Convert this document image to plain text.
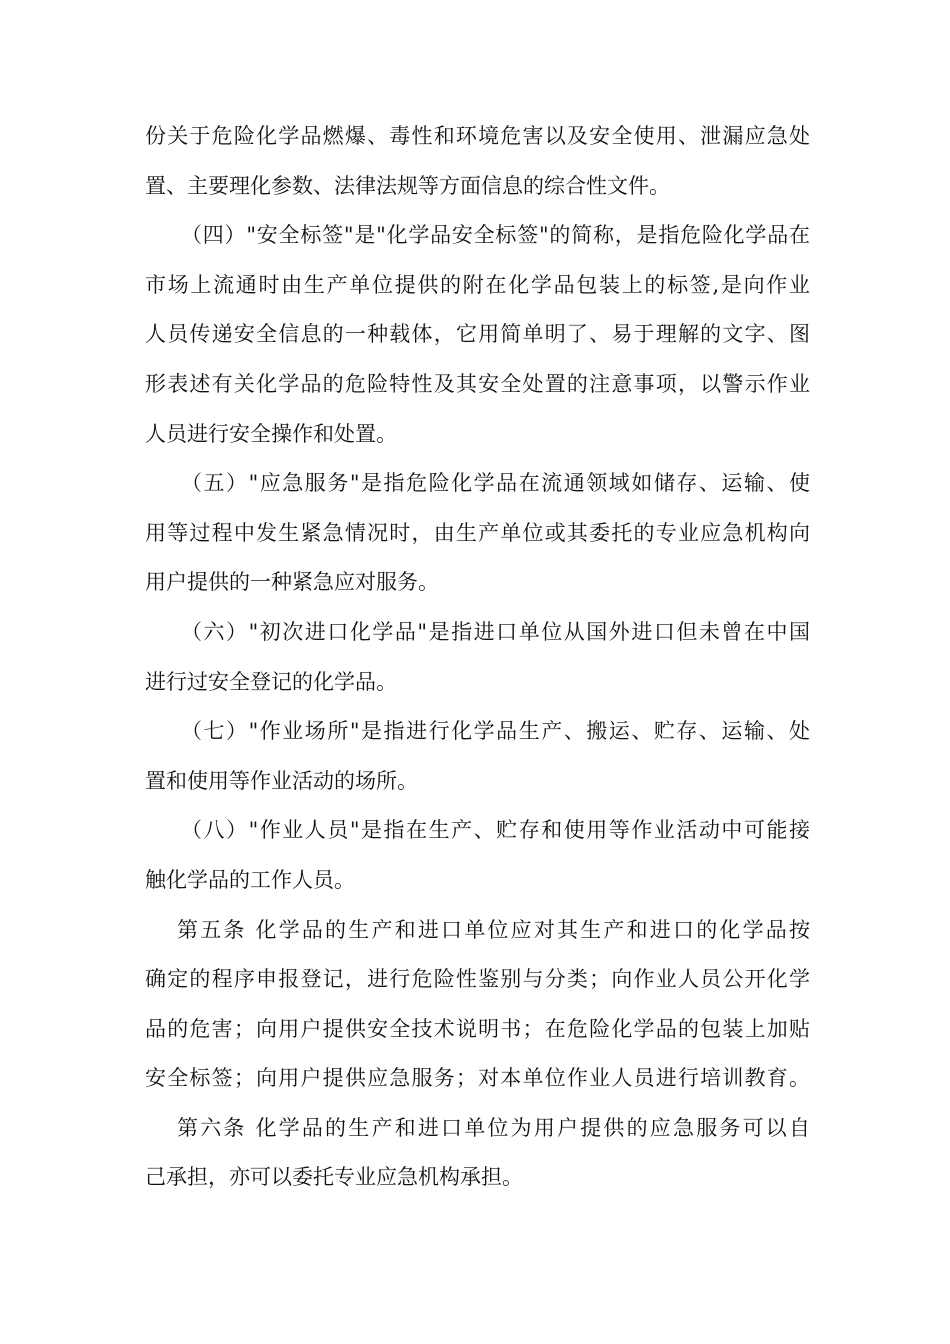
份关于危险化学品燃爆、毒性和环境危害以及安全使用、泄漏应急处
置、主要理化参数、法律法规等方面信息的综合性文件。
（四）"安全标签"是"化学品安全标签"的简称，是指危险化学品在
市场上流通时由生产单位提供的附在化学品包装上的标签,是向作业
人员传递安全信息的一种载体，它用简单明了、易于理解的文字、图
形表述有关化学品的危险特性及其安全处置的注意事项，以警示作业
人员进行安全操作和处置。
（五）"应急服务"是指危险化学品在流通领域如储存、运输、使
用等过程中发生紧急情况时，由生产单位或其委托的专业应急机构向
用户提供的一种紧急应对服务。
（六）"初次进口化学品"是指进口单位从国外进口但未曾在中国
进行过安全登记的化学品。
（七）"作业场所"是指进行化学品生产、搬运、贮存、运输、处
置和使用等作业活动的场所。
（八）"作业人员"是指在生产、贮存和使用等作业活动中可能接
触化学品的工作人员。
第五条 化学品的生产和进口单位应对其生产和进口的化学品按
确定的程序申报登记，进行危险性鉴别与分类；向作业人员公开化学
品的危害；向用户提供安全技术说明书；在危险化学品的包装上加贴
安全标签；向用户提供应急服务；对本单位作业人员进行培训教育。
第六条 化学品的生产和进口单位为用户提供的应急服务可以自
己承担，亦可以委托专业应急机构承担。
